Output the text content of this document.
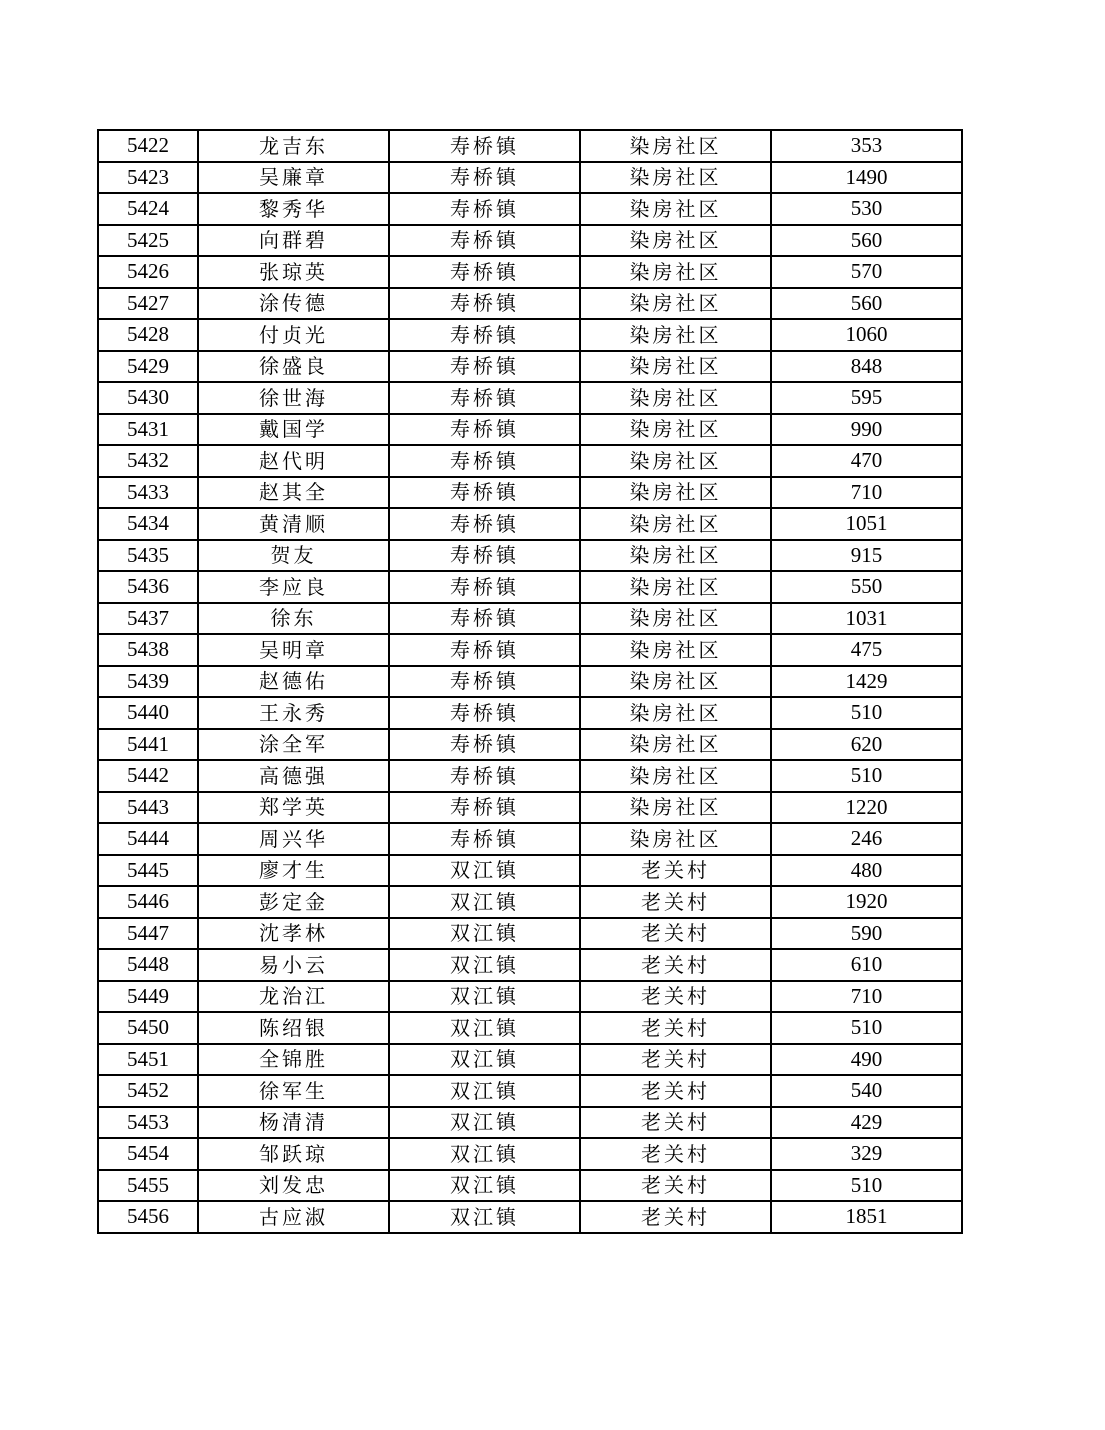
5422	龙吉东	寿桥镇	染房社区	353
5423	吴廉章	寿桥镇	染房社区	1490
5424	黎秀华	寿桥镇	染房社区	530
5425	向群碧	寿桥镇	染房社区	560
5426	张琼英	寿桥镇	染房社区	570
5427	涂传德	寿桥镇	染房社区	560
5428	付贞光	寿桥镇	染房社区	1060
5429	徐盛良	寿桥镇	染房社区	848
5430	徐世海	寿桥镇	染房社区	595
5431	戴国学	寿桥镇	染房社区	990
5432	赵代明	寿桥镇	染房社区	470
5433	赵其全	寿桥镇	染房社区	710
5434	黄清顺	寿桥镇	染房社区	1051
5435	贺友	寿桥镇	染房社区	915
5436	李应良	寿桥镇	染房社区	550
5437	徐东	寿桥镇	染房社区	1031
5438	吴明章	寿桥镇	染房社区	475
5439	赵德佑	寿桥镇	染房社区	1429
5440	王永秀	寿桥镇	染房社区	510
5441	涂全军	寿桥镇	染房社区	620
5442	高德强	寿桥镇	染房社区	510
5443	郑学英	寿桥镇	染房社区	1220
5444	周兴华	寿桥镇	染房社区	246
5445	廖才生	双江镇	老关村	480
5446	彭定金	双江镇	老关村	1920
5447	沈孝林	双江镇	老关村	590
5448	易小云	双江镇	老关村	610
5449	龙治江	双江镇	老关村	710
5450	陈绍银	双江镇	老关村	510
5451	全锦胜	双江镇	老关村	490
5452	徐军生	双江镇	老关村	540
5453	杨清清	双江镇	老关村	429
5454	邹跃琼	双江镇	老关村	329
5455	刘发忠	双江镇	老关村	510
5456	古应淑	双江镇	老关村	1851
